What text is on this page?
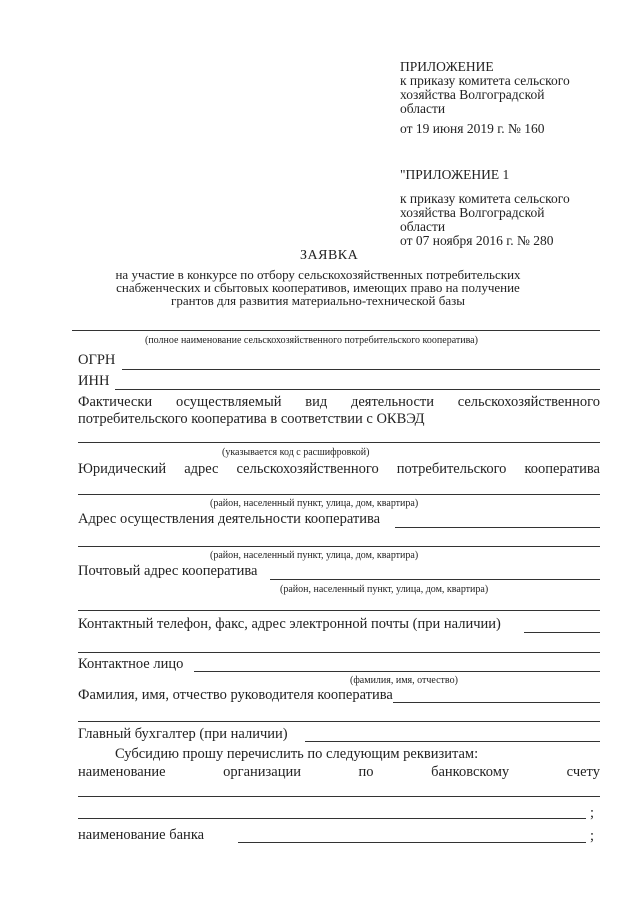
ПРИЛОЖЕНИЕ
к приказу комитета сельского
хозяйства Волгоградской
области
от 19 июня 2019 г. № 160
"ПРИЛОЖЕНИЕ 1
к приказу комитета сельского
хозяйства Волгоградской
области
от 07 ноября 2016 г. № 280
ЗАЯВКА
на участие в конкурсе по отбору сельскохозяйственных потребительских
снабженческих и сбытовых кооперативов, имеющих право на получение
грантов для развития материально-технической базы
(полное наименование сельскохозяйственного потребительского кооператива)
ОГРН
ИНН
Фактически осуществляемый вид деятельности сельскохозяйственного
потребительского кооператива в соответствии с ОКВЭД
(указывается код с расшифровкой)
Юридический адрес сельскохозяйственного потребительского кооператива
(район, населенный пункт, улица, дом, квартира)
Адрес осуществления деятельности кооператива
(район, населенный пункт, улица, дом, квартира)
Почтовый адрес кооператива
(район, населенный пункт, улица, дом, квартира)
Контактный телефон, факс, адрес электронной почты (при наличии)
Контактное лицо
(фамилия, имя, отчество)
Фамилия, имя, отчество руководителя кооператива
Главный бухгалтер (при наличии)
Субсидию прошу перечислить по следующим реквизитам:
наименование	организации	по	банковскому	счету
;
наименование банка	;
